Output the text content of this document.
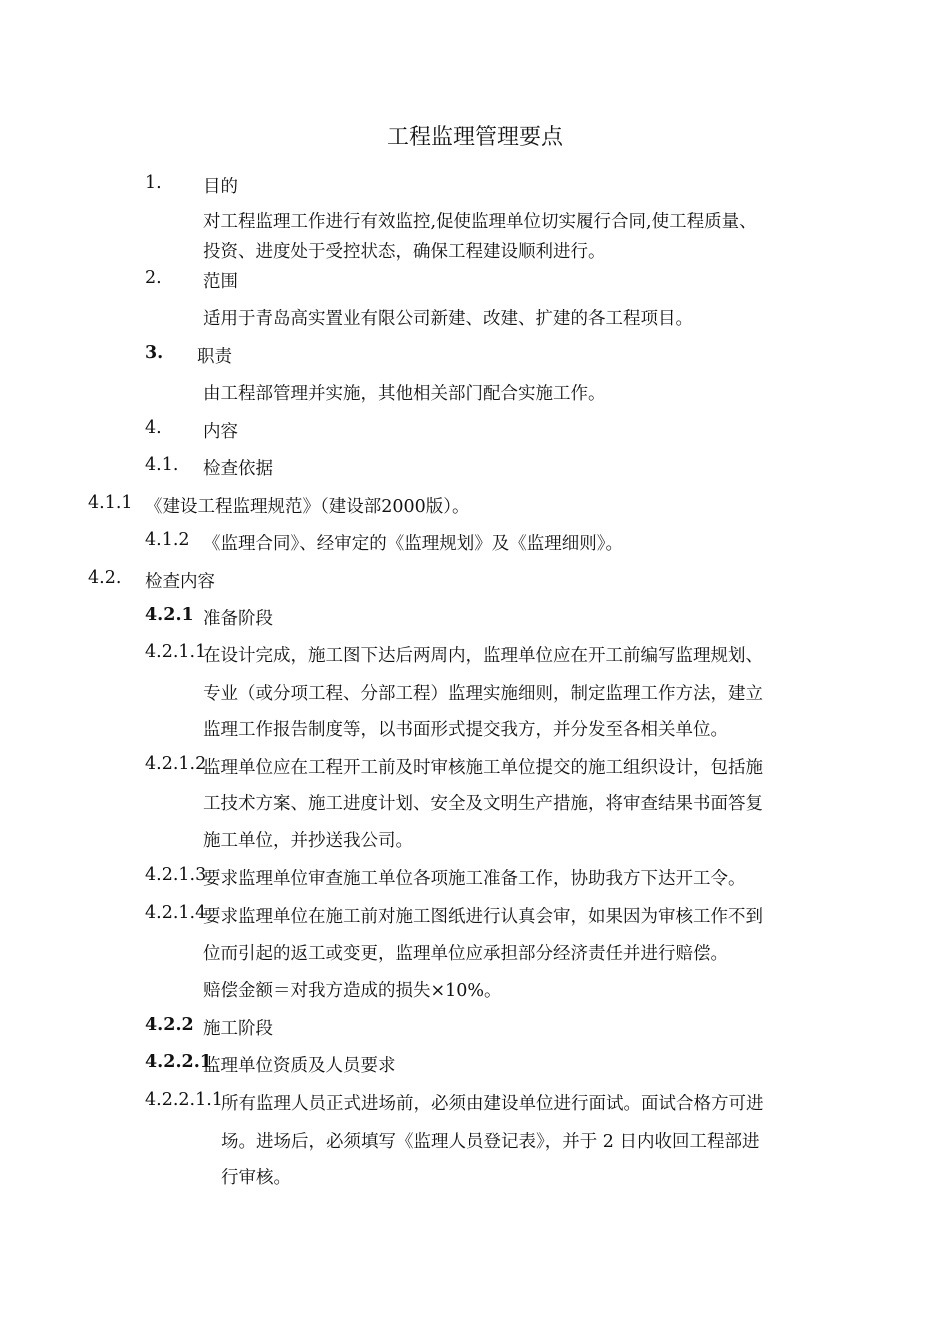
工程监理管理要点
1. 目的
对工程监理工作进行有效监控,促使监理单位切实履行合同,使工程质量、
投资、进度处于受控状态，确保工程建设顺利进行。
2. 范围
适用于青岛高实置业有限公司新建、改建、扩建的各工程项目。
3. 职责
由工程部管理并实施，其他相关部门配合实施工作。
4. 内容
4.1. 检查依据
4.1.1 《建设工程监理规范》（建设部2000版）。
4.1.2 《监理合同》、经审定的《监理规划》及《监理细则》。
4.2. 检查内容
4.2.1 准备阶段
4.2.1.1
在设计完成，施工图下达后两周内，监理单位应在开工前编写监理规划、
专业（或分项工程、分部工程）监理实施细则，制定监理工作方法，建立
监理工作报告制度等，以书面形式提交我方，并分发至各相关单位。
4.2.1.2
监理单位应在工程开工前及时审核施工单位提交的施工组织设计，包括施
工技术方案、施工进度计划、安全及文明生产措施，将审查结果书面答复
施工单位，并抄送我公司。
4.2.1.3
要求监理单位审查施工单位各项施工准备工作，协助我方下达开工令。
4.2.1.4
要求监理单位在施工前对施工图纸进行认真会审，如果因为审核工作不到
位而引起的返工或变更，监理单位应承担部分经济责任并进行赔偿。
赔偿金额＝对我方造成的损失×10%。
4.2.2 施工阶段
4.2.2.1
监理单位资质及人员要求
4.2.2.1.1
所有监理人员正式进场前，必须由建设单位进行面试。面试合格方可进
场。进场后，必须填写《监理人员登记表》，并于 2 日内收回工程部进
行审核。
